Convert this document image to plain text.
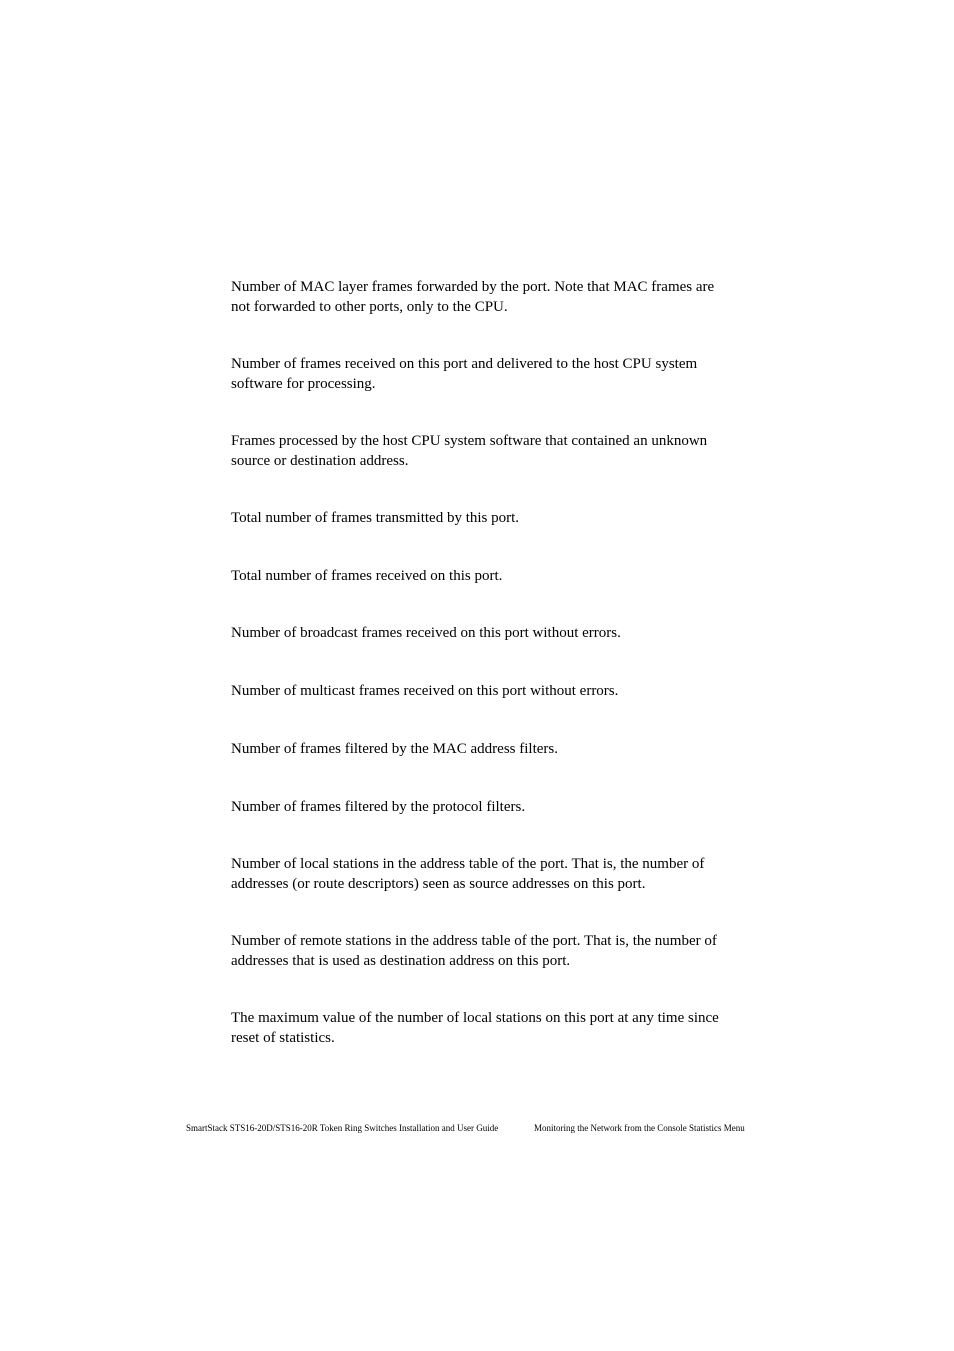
Number of MAC layer frames forwarded by the port. Note that MAC frames are
not forwarded to other ports, only to the CPU.

Number of frames received on this port and delivered to the host CPU system
software for processing.

Frames processed by the host CPU system software that contained an unknown
source or destination address.

Total number of frames transmitted by this port.

Total number of frames received on this port.

Number of broadcast frames received on this port without errors.

Number of multicast frames received on this port without errors.

Number of frames filtered by the MAC address filters.

Number of frames filtered by the protocol filters.

Number of local stations in the address table of the port. That is, the number of
addresses (or route descriptors) seen as source addresses on this port.

Number of remote stations in the address table of the port. That is, the number of
addresses that is used as destination address on this port.

The maximum value of the number of local stations on this port at any time since
reset of statistics.

SmartStack STS16-20D/STS16-20R Token Ring Switches Installation and User Guide	Monitoring the Network from the Console Statistics Menu
